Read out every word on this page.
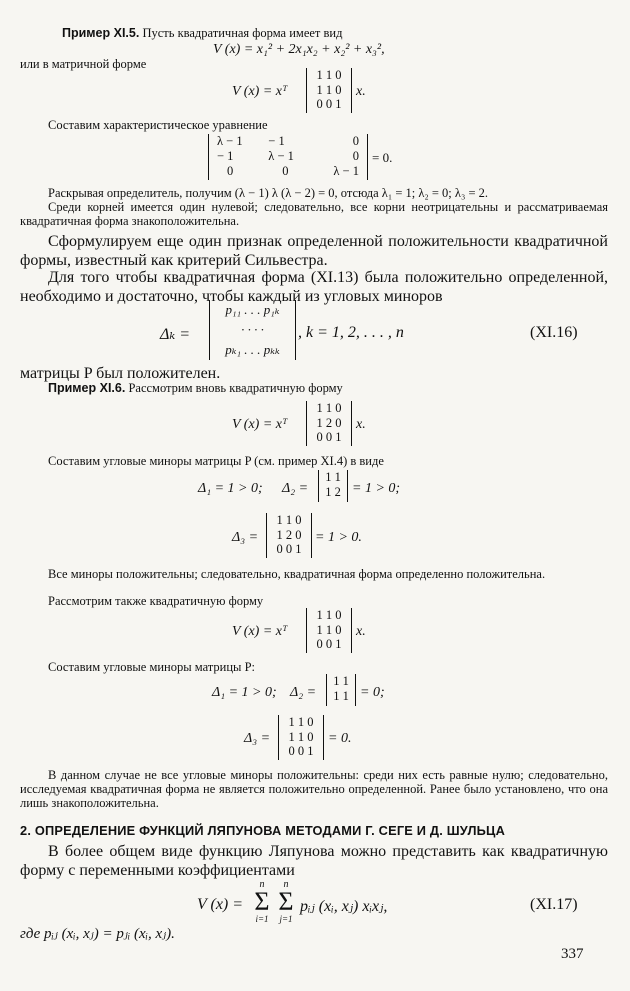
Пример XI.5. Пусть квадратичная форма имеет вид
V (x) = x₁² + 2x₁x₂ + x₂² + x₃²,
или в матричной форме
V (x) = xᵀ
1 1 0
1 1 0
0 0 1
x.
Составим характеристическое уравнение
λ − 1	− 1	0
− 1	λ − 1	0
0	0	λ − 1
= 0.
Раскрывая определитель, получим (λ − 1) λ (λ − 2) = 0, отсюда λ₁ = 1; λ₂ = 0; λ₃ = 2.
Среди корней имеется один нулевой; следовательно, все корни неотрицательны и рассматриваемая квадратичная форма знакоположительна.
Сформулируем еще один признак определенной положительности квадратичной формы, известный как критерий Сильвестра.
Для того чтобы квадратичная форма (XI.13) была положительно определенной, необходимо и достаточно, чтобы каждый из угловых миноров
Δₖ =
p₁₁ . . . p₁ₖ
· · · ·
pₖ₁ . . . pₖₖ
, k = 1, 2, . . . , n	(XI.16)
матрицы P был положителен.
Пример XI.6. Рассмотрим вновь квадратичную форму
V (x) = xᵀ
1 1 0
1 2 0
0 0 1
x.
Составим угловые миноры матрицы P (см. пример XI.4) в виде
Δ₁ = 1 > 0; Δ₂ =
1 1
1 2 = 1 > 0;
Δ₃ =
1 1 0
1 2 0
0 0 1
= 1 > 0.
Все миноры положительны; следовательно, квадратичная форма определенно положительна.
Рассмотрим также квадратичную форму
V (x) = xᵀ
1 1 0
1 1 0
0 0 1
x.
Составим угловые миноры матрицы P:
Δ₁ = 1 > 0; Δ₂ =
1 1
1 1 = 0;
Δ₃ =
1 1 0
1 1 0
0 0 1
= 0.
В данном случае не все угловые миноры положительны: среди них есть равные нулю; следовательно, исследуемая квадратичная форма не является положительно определенной. Ранее было установлено, что она лишь знакоположительна.
2. ОПРЕДЕЛЕНИЕ ФУНКЦИЙ ЛЯПУНОВА МЕТОДАМИ Г. СЕГЕ И Д. ШУЛЬЦА
В более общем виде функцию Ляпунова можно представить как квадратичную форму с переменными коэффициентами
V (x) =
n
Σ
i=1
n
Σ
j=1
pᵢⱼ (xᵢ, xⱼ) xᵢxⱼ,	(XI.17)
где pᵢⱼ (xᵢ, xⱼ) = pⱼᵢ (xᵢ, xⱼ).
337
